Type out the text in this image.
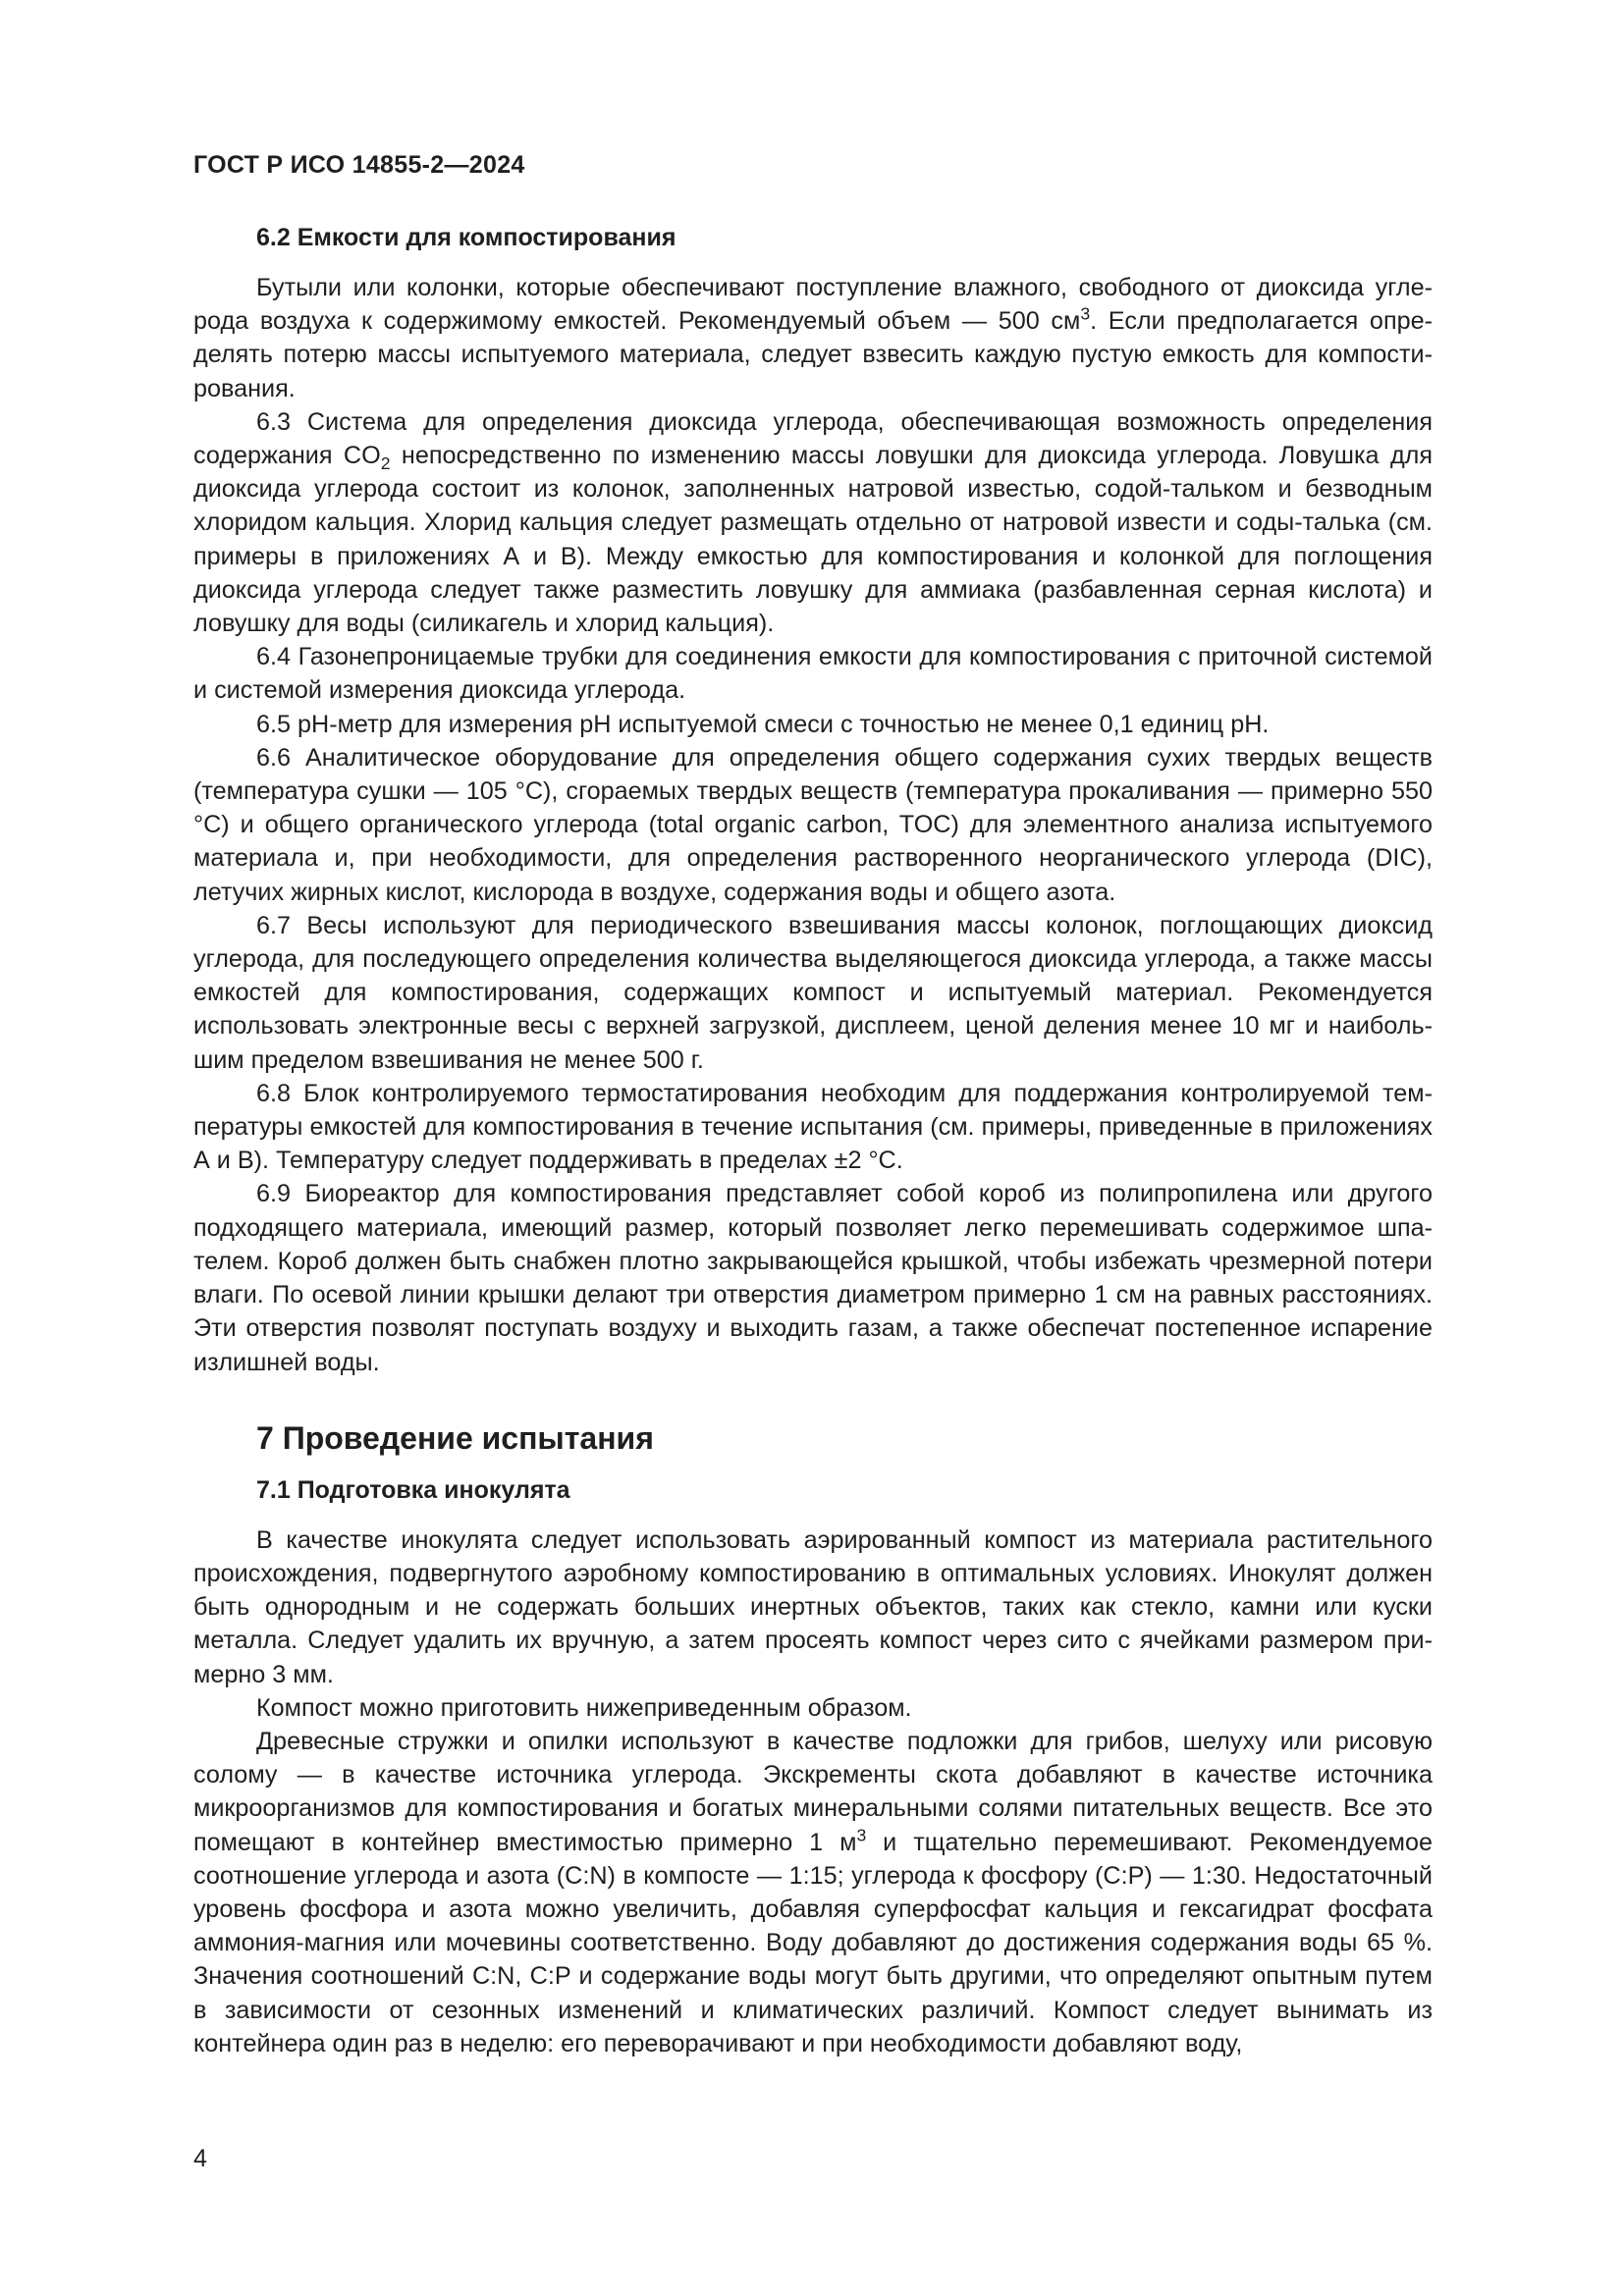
ГОСТ Р ИСО 14855-2—2024
6.2 Емкости для компостирования

Бутыли или колонки, которые обеспечивают поступление влажного, свободного от диоксида углерода воздуха к содержимому емкостей. Рекомендуемый объем — 500 $см^3$. Если предполагается определять потерю массы испытуемого материала, следует взвесить каждую пустую емкость для компостирования.

6.3 Система для определения диоксида углерода, обеспечивающая возможность определения содержания $CO_2$ непосредственно по изменению массы ловушки для диоксида углерода. Ловушка для диоксида углерода состоит из колонок, заполненных натровой известью, содой-тальком и безводным хлоридом кальция. Хлорид кальция следует размещать отдельно от натровой извести и соды-талька (см. примеры в приложениях А и В). Между емкостью для компостирования и колонкой для поглощения диоксида углерода следует также разместить ловушку для аммиака (разбавленная серная кислота) и ловушку для воды (силикагель и хлорид кальция).

6.4 Газонепроницаемые трубки для соединения емкости для компостирования с приточной системой и системой измерения диоксида углерода.

6.5 pH-метр для измерения pH испытуемой смеси с точностью не менее 0,1 единиц pH.

6.6 Аналитическое оборудование для определения общего содержания сухих твердых веществ (температура сушки — 105 °C), сгораемых твердых веществ (температура прокаливания — примерно 550 °C) и общего органического углерода (total organic carbon, TOC) для элементного анализа испытуемого материала и, при необходимости, для определения растворенного неорганического углерода (DIC), летучих жирных кислот, кислорода в воздухе, содержания воды и общего азота.

6.7 Весы используют для периодического взвешивания массы колонок, поглощающих диоксид углерода, для последующего определения количества выделяющегося диоксида углерода, а также массы емкостей для компостирования, содержащих компост и испытуемый материал. Рекомендуется использовать электронные весы с верхней загрузкой, дисплеем, ценой деления менее 10 мг и наибольшим пределом взвешивания не менее 500 г.

6.8 Блок контролируемого термостатирования необходим для поддержания контролируемой температуры емкостей для компостирования в течение испытания (см. примеры, приведенные в приложениях А и В). Температуру следует поддерживать в пределах ±2 °C.

6.9 Биореактор для компостирования представляет собой короб из полипропилена или другого подходящего материала, имеющий размер, который позволяет легко перемешивать содержимое шпателем. Короб должен быть снабжен плотно закрывающейся крышкой, чтобы избежать чрезмерной потери влаги. По осевой линии крышки делают три отверстия диаметром примерно 1 см на равных расстояниях. Эти отверстия позволят поступать воздуху и выходить газам, а также обеспечат постепенное испарение излишней воды.

7 Проведение испытания
7.1 Подготовка инокулята

В качестве инокулята следует использовать аэрированный компост из материала растительного происхождения, подвергнутого аэробному компостированию в оптимальных условиях. Инокулят должен быть однородным и не содержать больших инертных объектов, таких как стекло, камни или куски металла. Следует удалить их вручную, а затем просеять компост через сито с ячейками размером примерно 3 мм.

Компост можно приготовить нижеприведенным образом.

Древесные стружки и опилки используют в качестве подложки для грибов, шелуху или рисовую солому — в качестве источника углерода. Экскременты скота добавляют в качестве источника микроорганизмов для компостирования и богатых минеральными солями питательных веществ. Все это помещают в контейнер вместимостью примерно 1 $м^3$ и тщательно перемешивают. Рекомендуемое соотношение углерода и азота (C:N) в компосте — 1:15; углерода к фосфору (C:P) — 1:30. Недостаточный уровень фосфора и азота можно увеличить, добавляя суперфосфат кальция и гексагидрат фосфата аммония-магния или мочевины соответственно. Воду добавляют до достижения содержания воды 65 %. Значения соотношений C:N, C:P и содержание воды могут быть другими, что определяют опытным путем в зависимости от сезонных изменений и климатических различий. Компост следует вынимать из контейнера один раз в неделю: его переворачивают и при необходимости добавляют воду,

4
